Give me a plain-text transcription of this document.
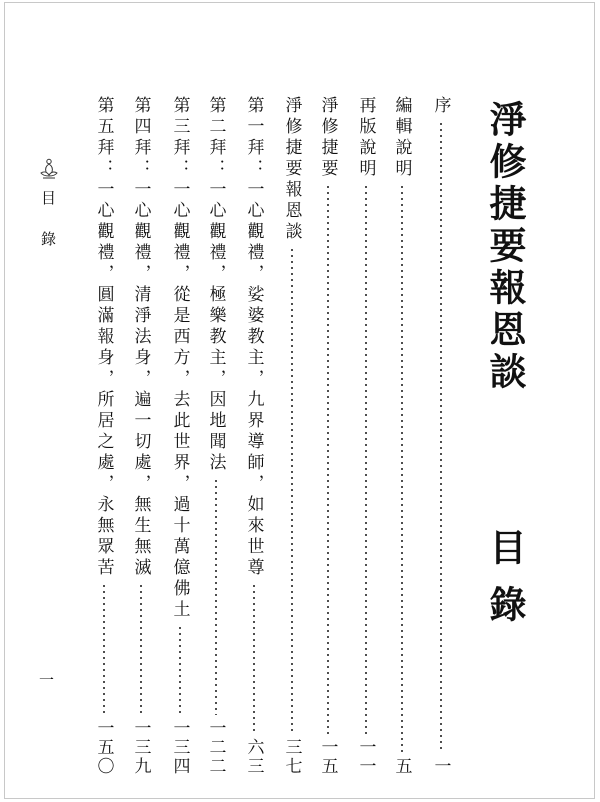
淨修捷要報恩談  目錄
序
一
編輯說明
五
再版說明
一一
淨修捷要
一五
淨修捷要報恩談
三七
第一拜：一心觀禮，娑婆教主，九界導師，如來世尊
六三
第二拜：一心觀禮，極樂教主，因地聞法
一二二
第三拜：一心觀禮，從是西方，去此世界，過十萬億佛土
一三四
第四拜：一心觀禮，清淨法身，遍一切處，無生無滅
一三九
第五拜：一心觀禮，圓滿報身，所居之處，永無眾苦
一五〇
目錄
一
